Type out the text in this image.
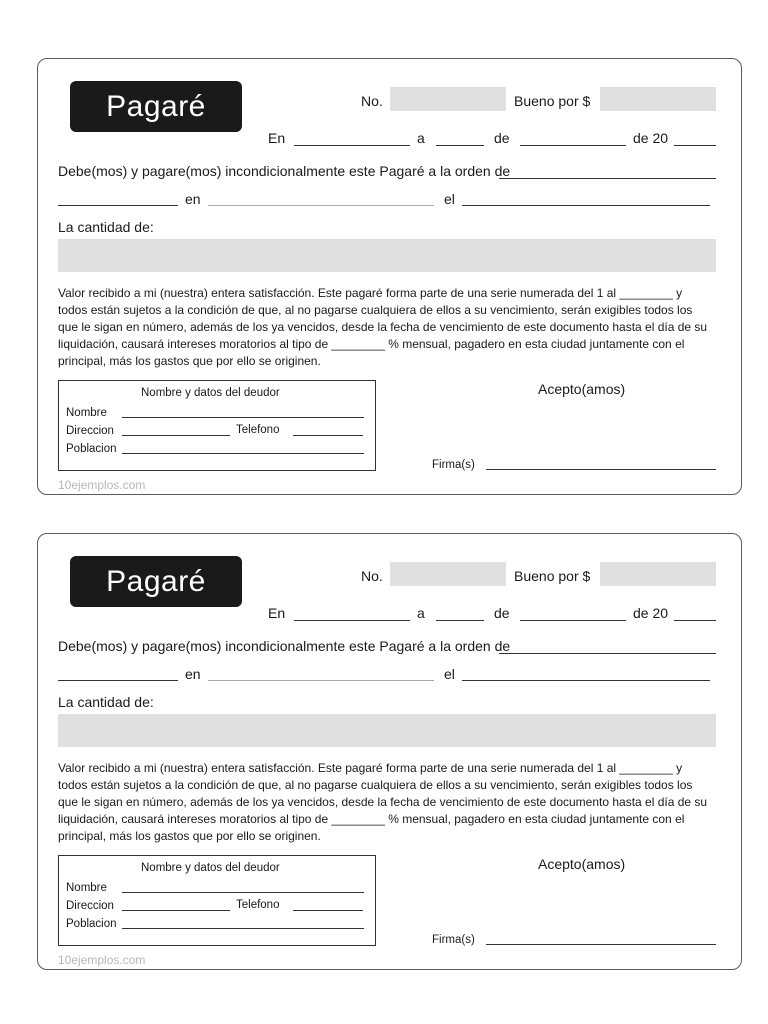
Pagaré	No.	Bueno por $
En	a	de	de 20
Debe(mos) y pagare(mos) incondicionalmente este Pagaré a la orden de
en	el
La cantidad de:
Valor recibido a mi (nuestra) entera satisfacción. Este pagaré forma parte de una serie numerada del 1 al ________ y
todos están sujetos a la condición de que, al no pagarse cualquiera de ellos a su vencimiento, serán exigibles todos los
que le sigan en número, además de los ya vencidos, desde la fecha de vencimiento de este documento hasta el día de su
liquidación, causará intereses moratorios al tipo de ________ % mensual, pagadero en esta ciudad juntamente con el
principal, más los gastos que por ello se originen.
Nombre y datos del deudor
Nombre
Direccion	Telefono
Poblacion
Acepto(amos)
Firma(s)
10ejemplos.com
Pagaré	No.	Bueno por $
En	a	de	de 20
Debe(mos) y pagare(mos) incondicionalmente este Pagaré a la orden de
en	el
La cantidad de:
Valor recibido a mi (nuestra) entera satisfacción. Este pagaré forma parte de una serie numerada del 1 al ________ y
todos están sujetos a la condición de que, al no pagarse cualquiera de ellos a su vencimiento, serán exigibles todos los
que le sigan en número, además de los ya vencidos, desde la fecha de vencimiento de este documento hasta el día de su
liquidación, causará intereses moratorios al tipo de ________ % mensual, pagadero en esta ciudad juntamente con el
principal, más los gastos que por ello se originen.
Nombre y datos del deudor
Nombre
Direccion	Telefono
Poblacion
Acepto(amos)
Firma(s)
10ejemplos.com
